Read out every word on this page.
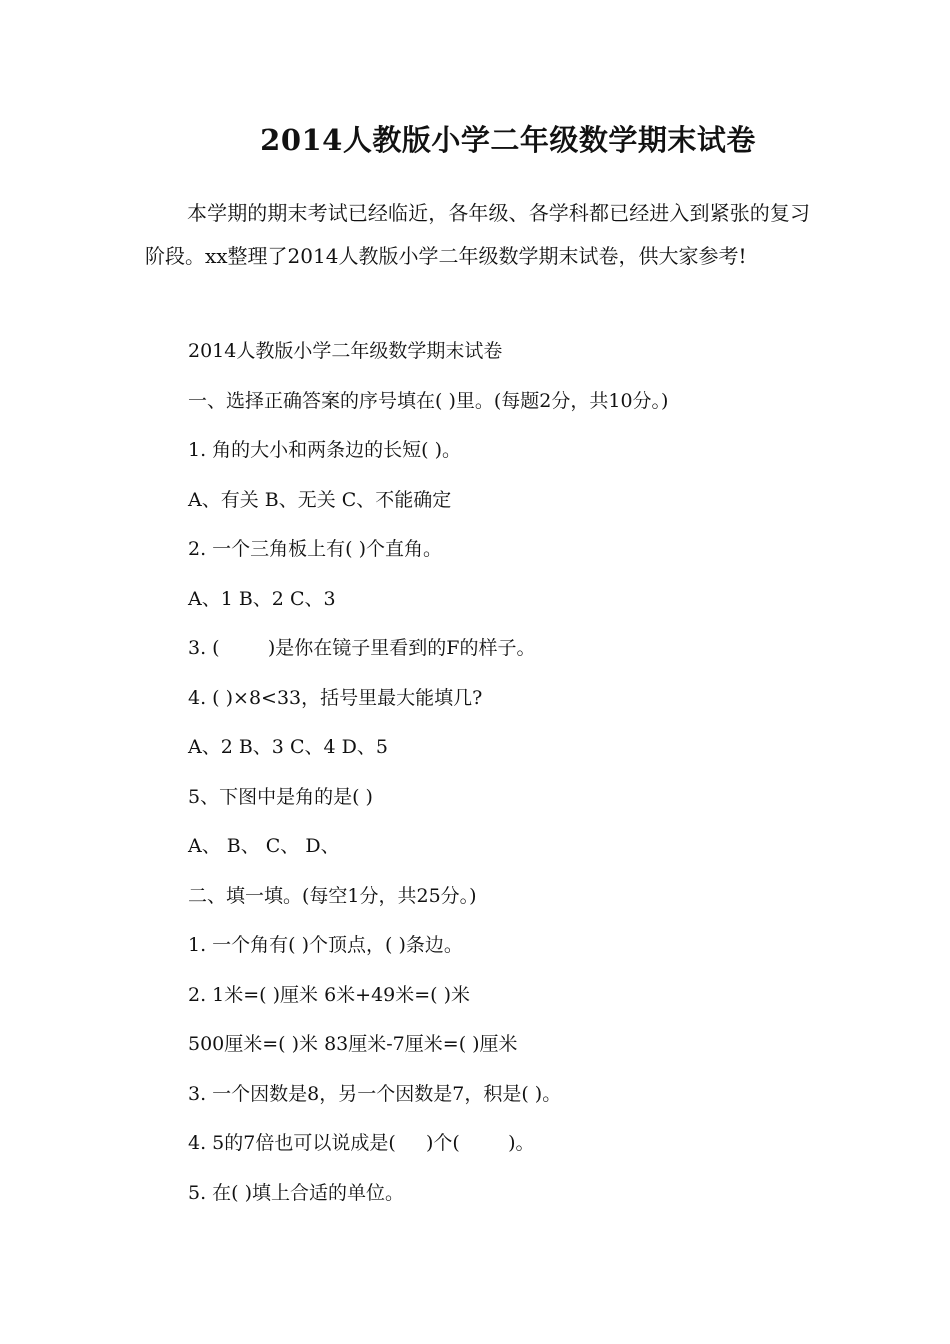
2014人教版小学二年级数学期末试卷
本学期的期末考试已经临近，各年级、各学科都已经进入到紧张的复习阶段。xx整理了2014人教版小学二年级数学期末试卷，供大家参考!
2014人教版小学二年级数学期末试卷
一、选择正确答案的序号填在( )里。(每题2分，共10分。)
1. 角的大小和两条边的长短( )。
A、有关 B、无关 C、不能确定
2. 一个三角板上有( )个直角。
A、1 B、2 C、3
3. (        )是你在镜子里看到的F的样子。
4. ( )×8<33，括号里最大能填几?
A、2 B、3 C、4 D、5
5、下图中是角的是( )
A、 B、 C、 D、
二、填一填。(每空1分，共25分。)
1. 一个角有( )个顶点，( )条边。
2. 1米=( )厘米 6米+49米=( )米
500厘米=( )米 83厘米-7厘米=( )厘米
3. 一个因数是8，另一个因数是7，积是( )。
4. 5的7倍也可以说成是(     )个(        )。
5. 在( )填上合适的单位。
